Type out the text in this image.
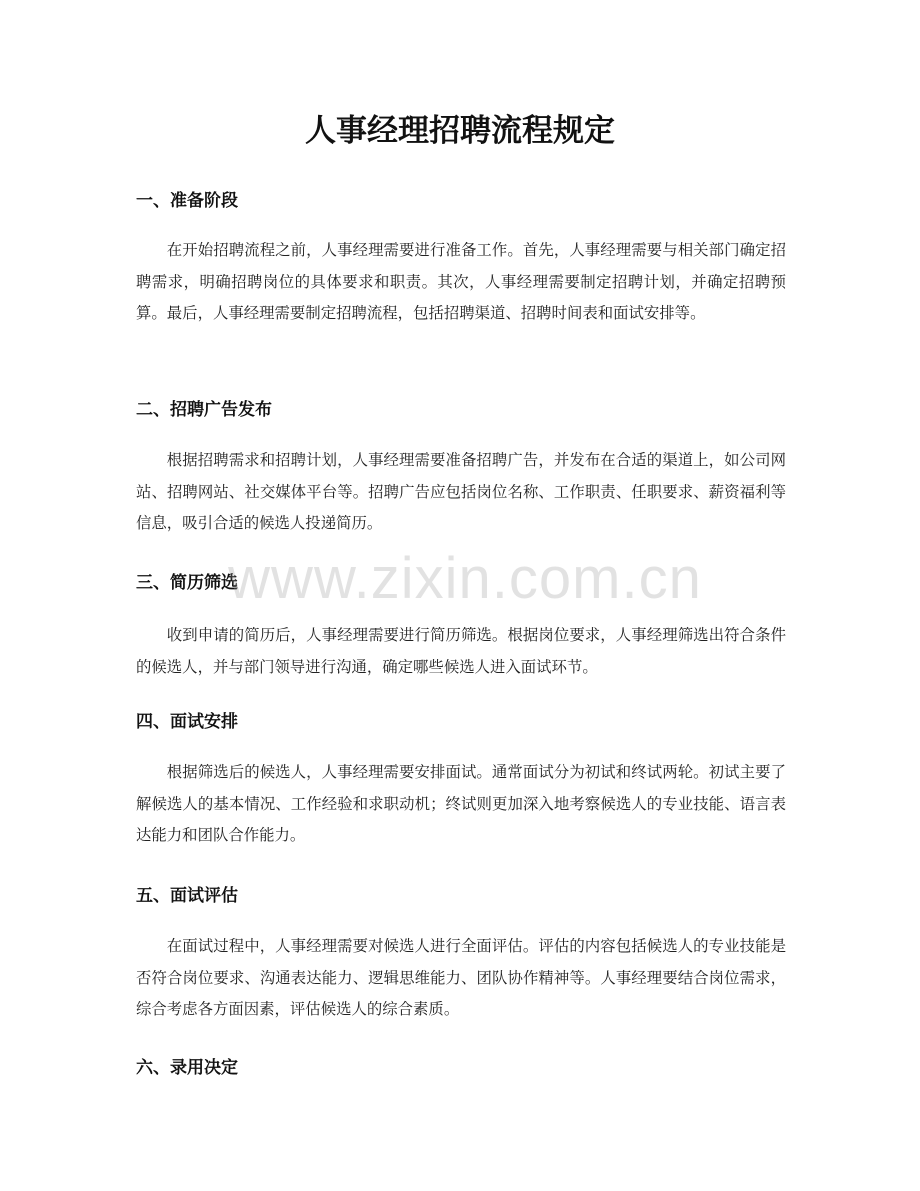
人事经理招聘流程规定
一、准备阶段

在开始招聘流程之前，人事经理需要进行准备工作。首先，人事经理需要与相关部门确定招聘需求，明确招聘岗位的具体要求和职责。其次，人事经理需要制定招聘计划，并确定招聘预算。最后，人事经理需要制定招聘流程，包括招聘渠道、招聘时间表和面试安排等。

二、招聘广告发布

根据招聘需求和招聘计划，人事经理需要准备招聘广告，并发布在合适的渠道上，如公司网站、招聘网站、社交媒体平台等。招聘广告应包括岗位名称、工作职责、任职要求、薪资福利等信息，吸引合适的候选人投递简历。

三、简历筛选

收到申请的简历后，人事经理需要进行简历筛选。根据岗位要求，人事经理筛选出符合条件的候选人，并与部门领导进行沟通，确定哪些候选人进入面试环节。

四、面试安排

根据筛选后的候选人，人事经理需要安排面试。通常面试分为初试和终试两轮。初试主要了解候选人的基本情况、工作经验和求职动机；终试则更加深入地考察候选人的专业技能、语言表达能力和团队合作能力。

五、面试评估

在面试过程中，人事经理需要对候选人进行全面评估。评估的内容包括候选人的专业技能是否符合岗位要求、沟通表达能力、逻辑思维能力、团队协作精神等。人事经理要结合岗位需求，综合考虑各方面因素，评估候选人的综合素质。

六、录用决定
www.zixin.com.cn
